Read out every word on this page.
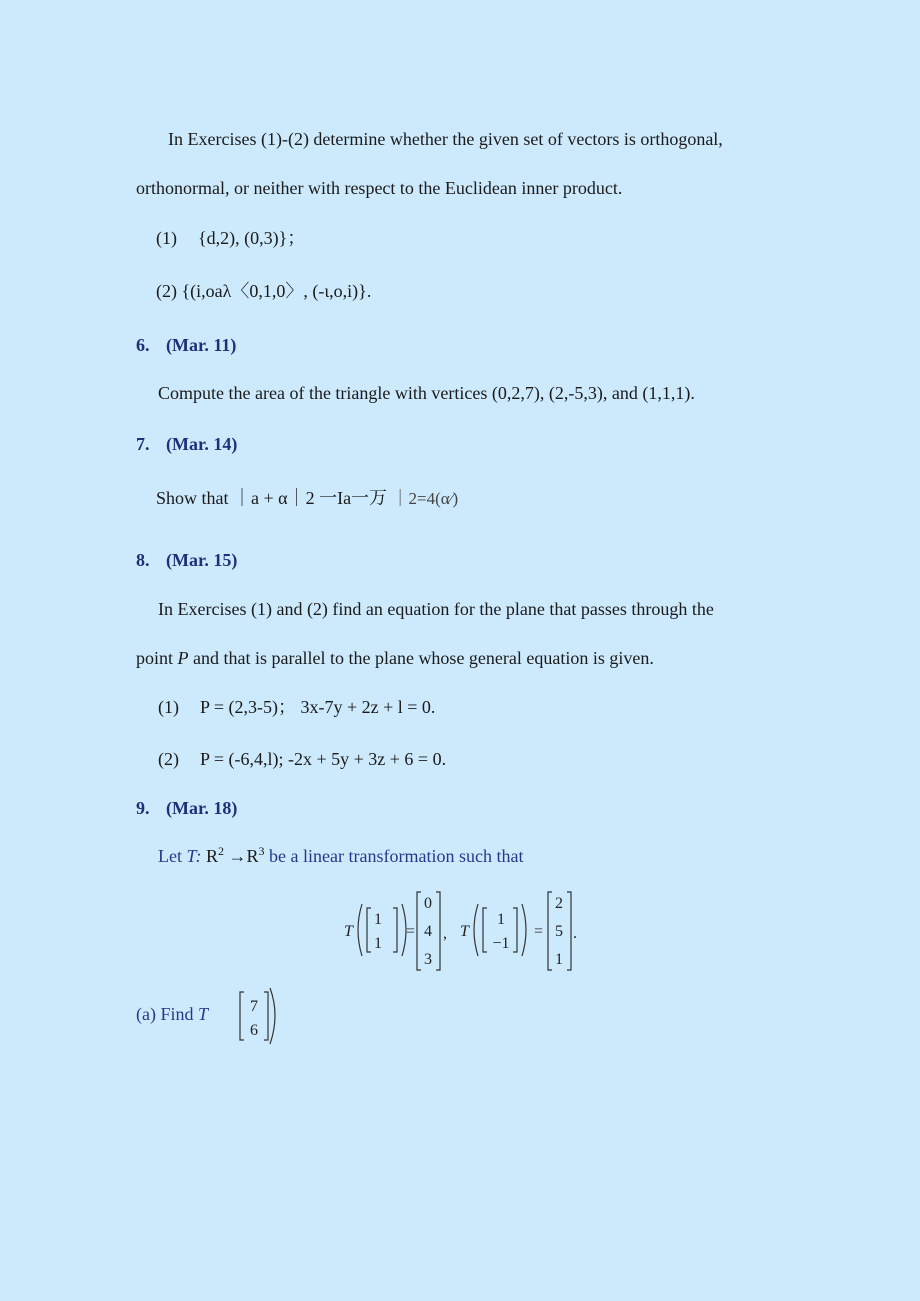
In Exercises (1)-(2) determine whether the given set of vectors is orthogonal,
orthonormal, or neither with respect to the Euclidean inner product.
(1) {d,2), (0,3)}；
(2) {(i,oaλ〈0,1,0〉, (-ι,o,i)}.
6. (Mar. 11)
Compute the area of the triangle with vertices (0,2,7), (2,-5,3), and (1,1,1).
7. (Mar. 14)
Show that ｜a + α｜2 一Ia一万 ｜2=4(α∕)
8. (Mar. 15)
In Exercises (1) and (2) find an equation for the plane that passes through the
point P and that is parallel to the plane whose general equation is given.
(1) P = (2,3-5)； 3x-7y + 2z + l = 0.
(2) P = (-6,4,l); -2x + 5y + 3z + 6 = 0.
9. (Mar. 18)
Let T: $R^2 \to R^3$ be a linear transformation such that
T
1
1
=
0
4
3
, T
1
−1
=
2
5
1
.
(a) Find T	7
6
